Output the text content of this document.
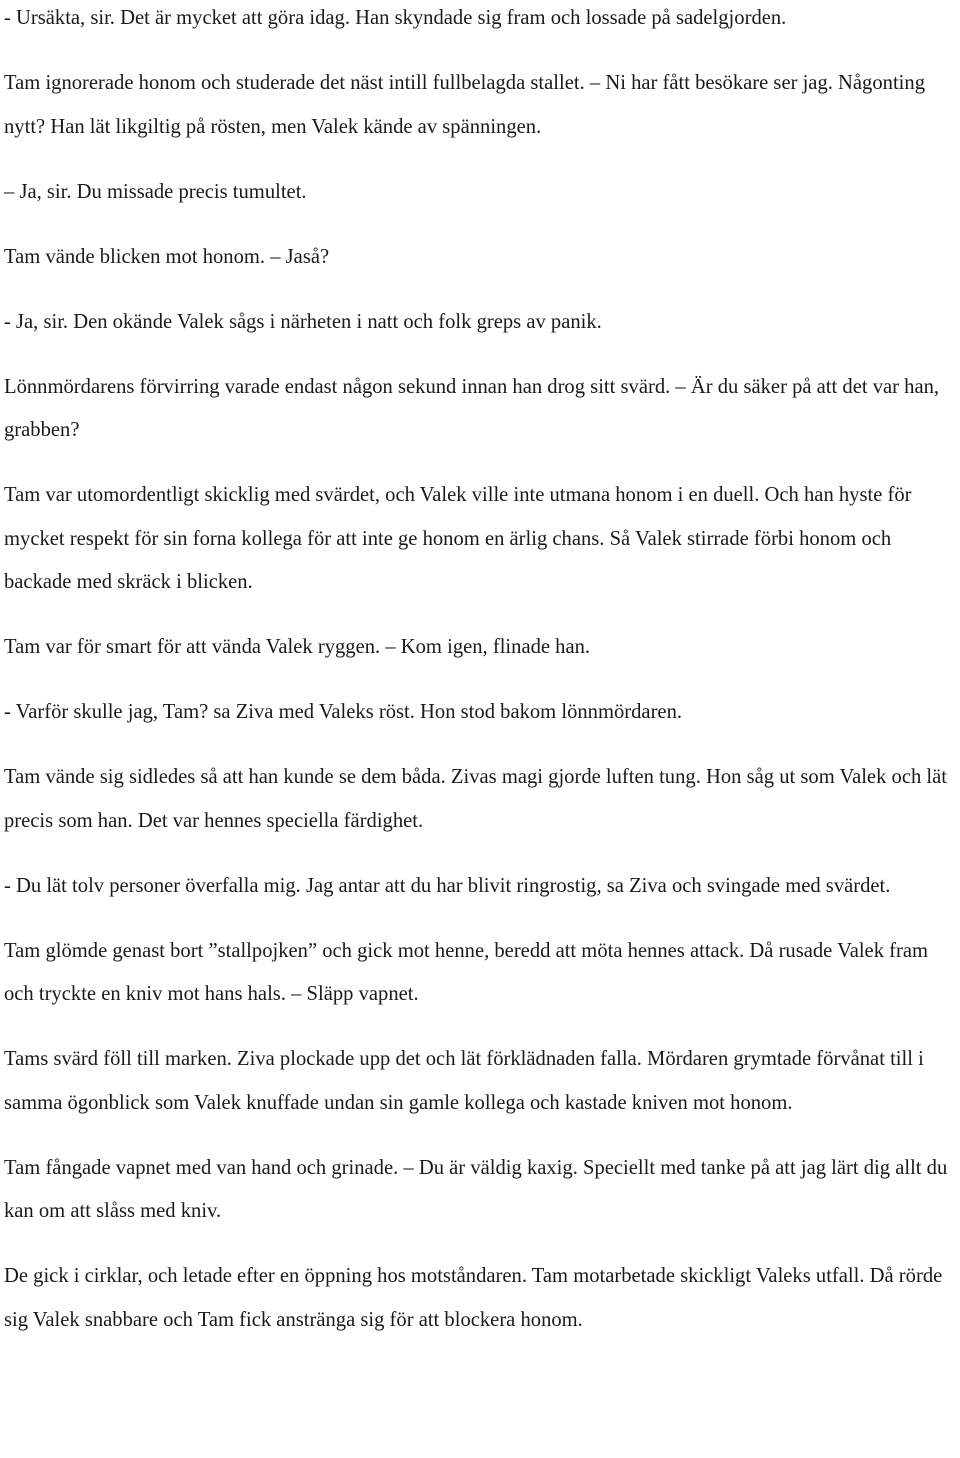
- Ursäkta, sir. Det är mycket att göra idag. Han skyndade sig fram och lossade på sadelgjorden.

Tam ignorerade honom och studerade det näst intill fullbelagda stallet. – Ni har fått besökare ser jag. Någonting nytt? Han lät likgiltig på rösten, men Valek kände av spänningen.

– Ja, sir. Du missade precis tumultet.

Tam vände blicken mot honom. – Jaså?

- Ja, sir. Den okände Valek sågs i närheten i natt och folk greps av panik.

Lönnmördarens förvirring varade endast någon sekund innan han drog sitt svärd. – Är du säker på att det var han, grabben?

Tam var utomordentligt skicklig med svärdet, och Valek ville inte utmana honom i en duell. Och han hyste för mycket respekt för sin forna kollega för att inte ge honom en ärlig chans. Så Valek stirrade förbi honom och backade med skräck i blicken.

Tam var för smart för att vända Valek ryggen. – Kom igen, flinade han.

- Varför skulle jag, Tam? sa Ziva med Valeks röst. Hon stod bakom lönnmördaren.

Tam vände sig sidledes så att han kunde se dem båda. Zivas magi gjorde luften tung. Hon såg ut som Valek och lät precis som han. Det var hennes speciella färdighet.

- Du lät tolv personer överfalla mig. Jag antar att du har blivit ringrostig, sa Ziva och svingade med svärdet.

Tam glömde genast bort ”stallpojken” och gick mot henne, beredd att möta hennes attack. Då rusade Valek fram och tryckte en kniv mot hans hals. – Släpp vapnet.

Tams svärd föll till marken. Ziva plockade upp det och lät förklädnaden falla. Mördaren grymtade förvånat till i samma ögonblick som Valek knuffade undan sin gamle kollega och kastade kniven mot honom.

Tam fångade vapnet med van hand och grinade. – Du är väldig kaxig. Speciellt med tanke på att jag lärt dig allt du kan om att slåss med kniv.

De gick i cirklar, och letade efter en öppning hos motståndaren. Tam motarbetade skickligt Valeks utfall. Då rörde sig Valek snabbare och Tam fick anstränga sig för att blockera honom.
